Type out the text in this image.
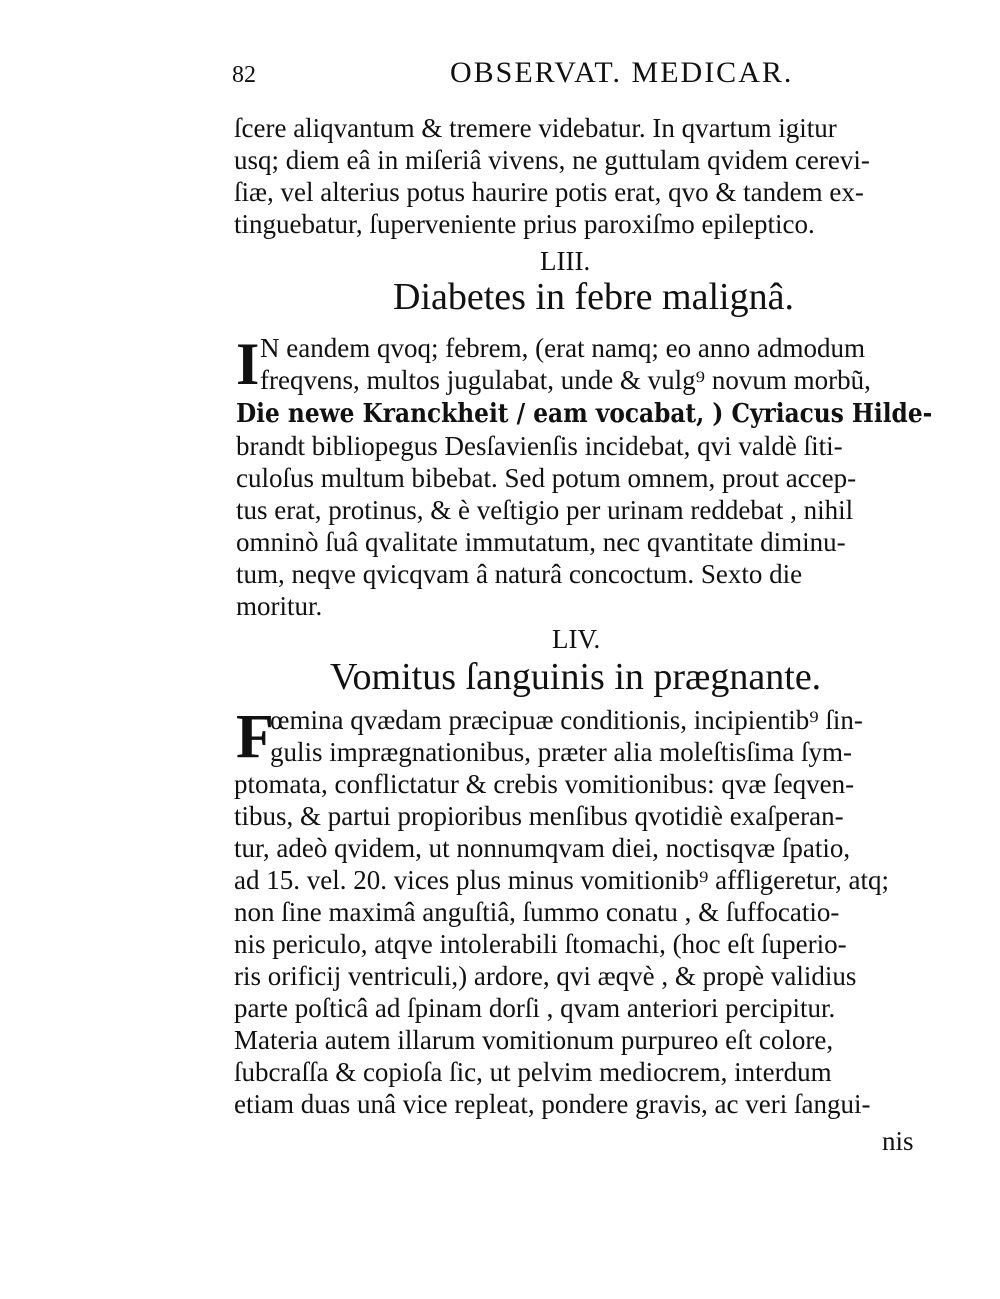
82	OBSERVAT. MEDICAR.
ſcere aliqvantum & tremere videbatur. In qvartum igitur
usq; diem eâ in miſeriâ vivens, ne guttulam qvidem cerevi-
ſiæ, vel alterius potus haurire potis erat, qvo & tandem ex-
tinguebatur, ſuperveniente prius paroxiſmo epileptico.
LIII.
Diabetes in febre malignâ.
I N eandem qvoq; febrem, (erat namq; eo anno admodum
freqvens, multos jugulabat, unde & vulg⁹ novum morbũ,
Die newe Kranckheit / eam vocabat, ) Cyriacus Hilde-
brandt bibliopegus Desſavienſis incidebat, qvi valdè ſiti-
culoſus multum bibebat. Sed potum omnem, prout accep-
tus erat, protinus, & è veſtigio per urinam reddebat , nihil
omninò ſuâ qvalitate immutatum, nec qvantitate diminu-
tum, neqve qvicqvam â naturâ concoctum. Sexto die
moritur.
LIV.
Vomitus ſanguinis in prægnante.
F
œmina qvædam præcipuæ conditionis, incipientib⁹ ſin-
gulis imprægnationibus, præter alia moleſtisſima ſym-
ptomata, conflictatur & crebis vomitionibus: qvæ ſeqven-
tibus, & partui propioribus menſibus qvotidiè exaſperan-
tur, adeò qvidem, ut nonnumqvam diei, noctisqvæ ſpatio,
ad 15. vel. 20. vices plus minus vomitionib⁹ affligeretur, atq;
non ſine maximâ anguſtiâ, ſummo conatu , & ſuffocatio-
nis periculo, atqve intolerabili ſtomachi, (hoc eſt ſuperio-
ris orificij ventriculi,) ardore, qvi æqvè , & propè validius
parte poſticâ ad ſpinam dorſi , qvam anteriori percipitur.
Materia autem illarum vomitionum purpureo eſt colore,
ſubcraſſa & copioſa ſic, ut pelvim mediocrem, interdum
etiam duas unâ vice repleat, pondere gravis, ac veri ſangui-
nis
